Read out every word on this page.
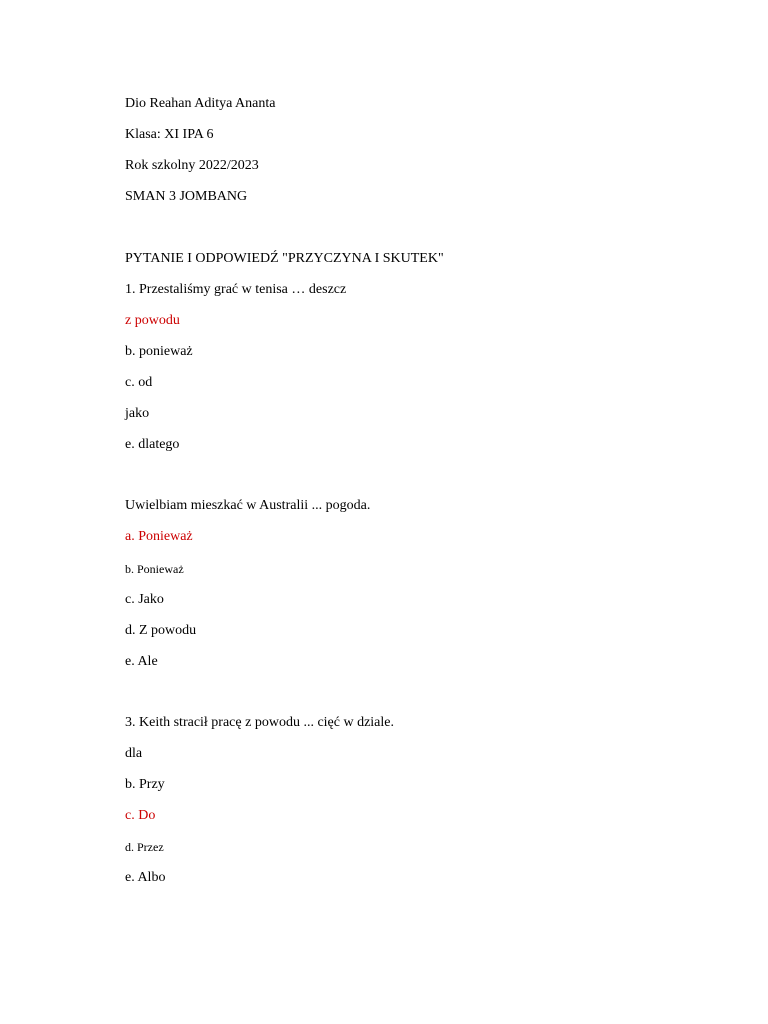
Dio Reahan Aditya Ananta
Klasa: XI IPA 6
Rok szkolny 2022/2023
SMAN 3 JOMBANG
PYTANIE I ODPOWIEDŹ "PRZYCZYNA I SKUTEK"
1. Przestaliśmy grać w tenisa … deszcz
z powodu
b. ponieważ
c. od
jako
e. dlatego
Uwielbiam mieszkać w Australii ... pogoda.
a. Ponieważ
b. Ponieważ
c. Jako
d. Z powodu
e. Ale
3. Keith stracił pracę z powodu ... cięć w dziale.
dla
b. Przy
c. Do
d. Przez
e. Albo
